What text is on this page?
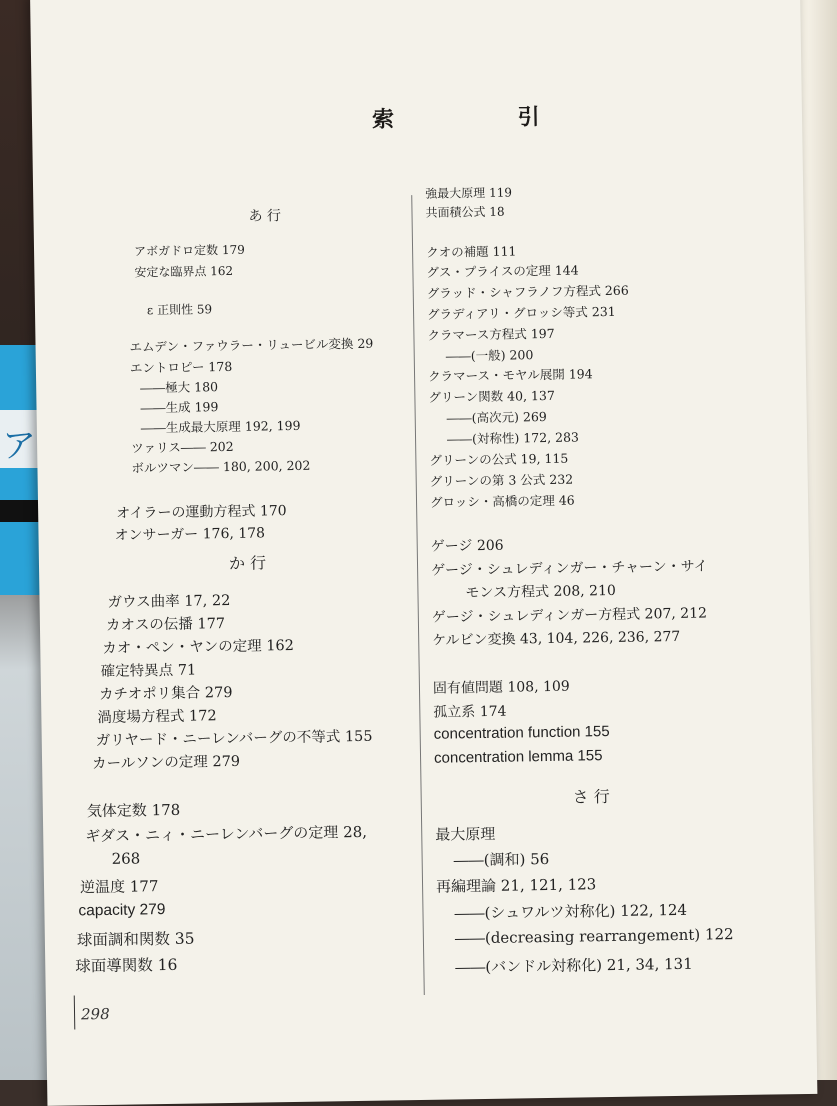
ア
索 引
あ 行
アボガドロ定数 179
安定な臨界点 162
ε 正則性 59
エムデン・ファウラー・リュービル変換 29
エントロピー 178
――極大 180
――生成 199
――生成最大原理 192, 199
ツァリス―― 202
ボルツマン―― 180, 200, 202
オイラーの運動方程式 170
オンサーガー 176, 178
か 行
ガウス曲率 17, 22
カオスの伝播 177
カオ・ペン・ヤンの定理 162
確定特異点 71
カチオポリ集合 279
渦度場方程式 172
ガリヤード・ニーレンバーグの不等式 155
カールソンの定理 279
気体定数 178
ギダス・ニィ・ニーレンバーグの定理 28,
268
逆温度 177
capacity 279
球面調和関数 35
球面導関数 16
強最大原理 119
共面積公式 18
クオの補題 111
グス・プライスの定理 144
グラッド・シャフラノフ方程式 266
グラディアリ・グロッシ等式 231
クラマース方程式 197
――(一般) 200
クラマース・モヤル展開 194
グリーン関数 40, 137
――(高次元) 269
――(対称性) 172, 283
グリーンの公式 19, 115
グリーンの第 3 公式 232
グロッシ・高橋の定理 46
ゲージ 206
ゲージ・シュレディンガー・チャーン・サイ
モンス方程式 208, 210
ゲージ・シュレディンガー方程式 207, 212
ケルビン変換 43, 104, 226, 236, 277
固有値問題 108, 109
孤立系 174
concentration function 155
concentration lemma 155
さ 行
最大原理
――(調和) 56
再編理論 21, 121, 123
――(シュワルツ対称化) 122, 124
――(decreasing rearrangement) 122
――(バンドル対称化) 21, 34, 131
298
